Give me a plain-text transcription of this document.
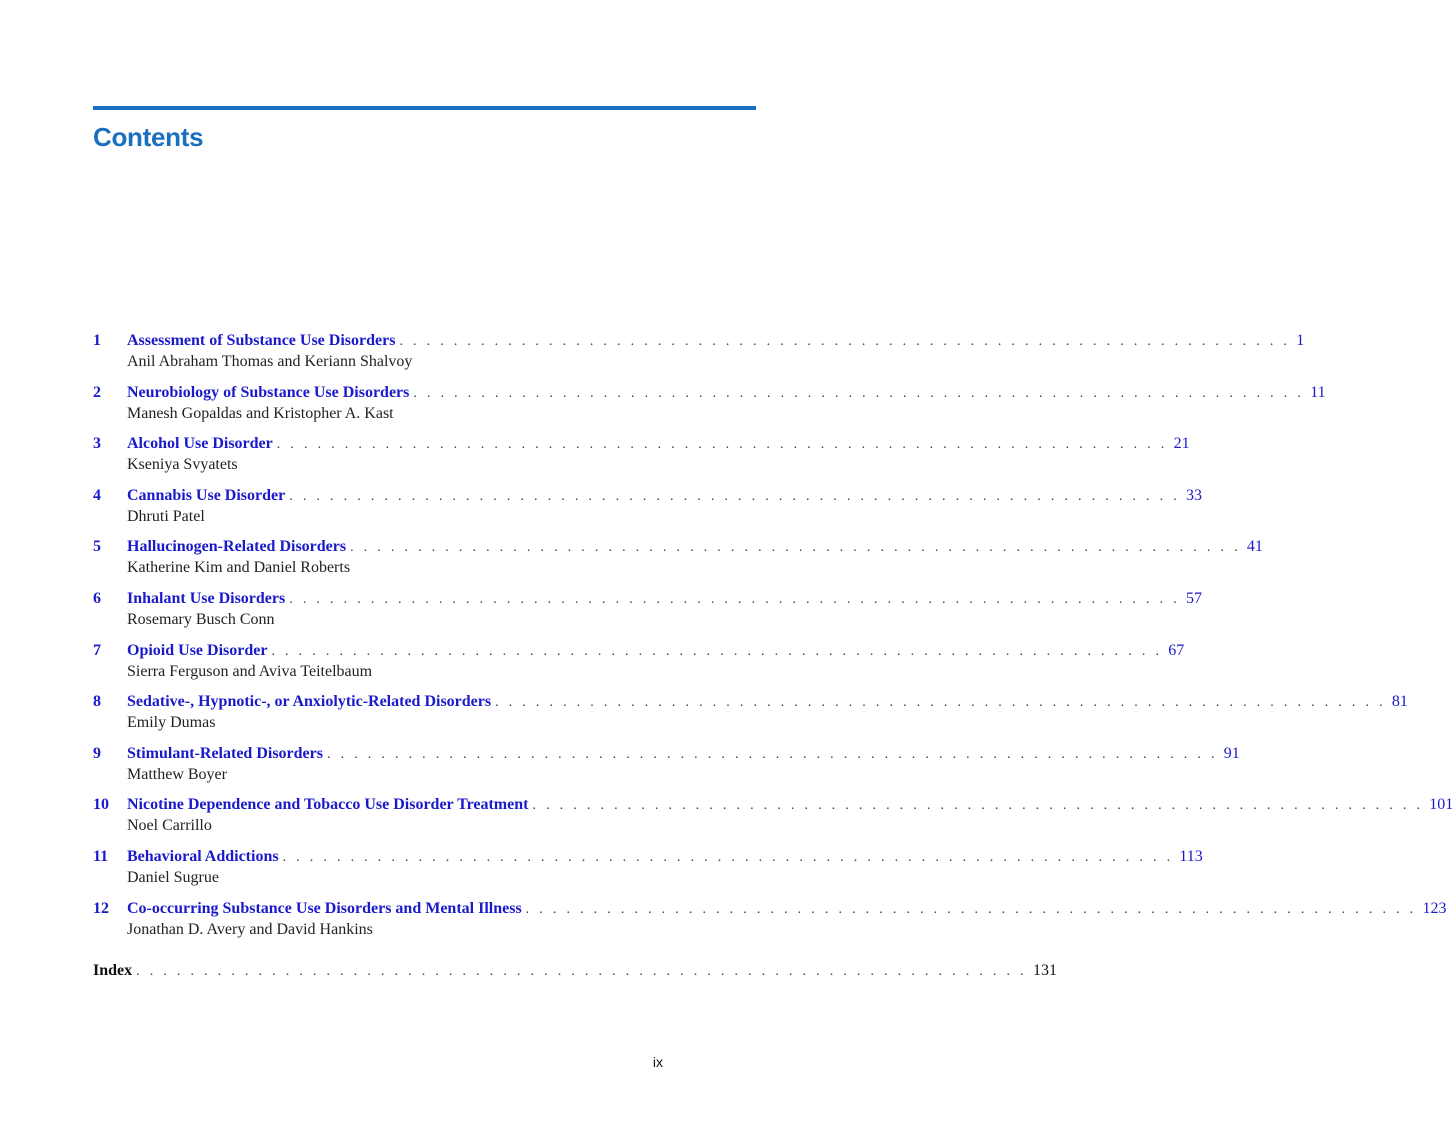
Contents
1 Assessment of Substance Use Disorders . . . . . . . . . . . . . . . . . . . . . . . . . . . . . . . . . . . . . . . . . . . . . . . . . . . . . . . . . . . . . . . . . . 1
Anil Abraham Thomas and Keriann Shalvoy
2 Neurobiology of Substance Use Disorders . . . . . . . . . . . . . . . . . . . . . . . . . . . . . . . . . . . . . . . . . . . . . . . . . . . . . . . . . . . . . . . . . . 11
Manesh Gopaldas and Kristopher A. Kast
3 Alcohol Use Disorder . . . . . . . . . . . . . . . . . . . . . . . . . . . . . . . . . . . . . . . . . . . . . . . . . . . . . . . . . . . . . . . . . . 21
Kseniya Svyatets
4 Cannabis Use Disorder . . . . . . . . . . . . . . . . . . . . . . . . . . . . . . . . . . . . . . . . . . . . . . . . . . . . . . . . . . . . . . . . . . 33
Dhruti Patel
5 Hallucinogen-Related Disorders . . . . . . . . . . . . . . . . . . . . . . . . . . . . . . . . . . . . . . . . . . . . . . . . . . . . . . . . . . . . . . . . . . 41
Katherine Kim and Daniel Roberts
6 Inhalant Use Disorders . . . . . . . . . . . . . . . . . . . . . . . . . . . . . . . . . . . . . . . . . . . . . . . . . . . . . . . . . . . . . . . . . . 57
Rosemary Busch Conn
7 Opioid Use Disorder . . . . . . . . . . . . . . . . . . . . . . . . . . . . . . . . . . . . . . . . . . . . . . . . . . . . . . . . . . . . . . . . . . 67
Sierra Ferguson and Aviva Teitelbaum
8 Sedative-, Hypnotic-, or Anxiolytic-Related Disorders . . . . . . . . . . . . . . . . . . . . . . . . . . . . . . . . . . . . . . . . . . . . . . . . . . . . . . . . . . . . . . . . . . 81
Emily Dumas
9 Stimulant-Related Disorders . . . . . . . . . . . . . . . . . . . . . . . . . . . . . . . . . . . . . . . . . . . . . . . . . . . . . . . . . . . . . . . . . . 91
Matthew Boyer
10 Nicotine Dependence and Tobacco Use Disorder Treatment . . . . . . . . . . . . . . . . . . . . . . . . . . . . . . . . . . . . . . . . . . . . . . . . . . . . . . . . . . . . . . . . . . 101
Noel Carrillo
11 Behavioral Addictions . . . . . . . . . . . . . . . . . . . . . . . . . . . . . . . . . . . . . . . . . . . . . . . . . . . . . . . . . . . . . . . . . . 113
Daniel Sugrue
12 Co-occurring Substance Use Disorders and Mental Illness . . . . . . . . . . . . . . . . . . . . . . . . . . . . . . . . . . . . . . . . . . . . . . . . . . . . . . . . . . . . . . . . . . 123
Jonathan D. Avery and David Hankins
Index . . . . . . . . . . . . . . . . . . . . . . . . . . . . . . . . . . . . . . . . . . . . . . . . . . . . . . . . . . . . . . . . . . 131
ix
